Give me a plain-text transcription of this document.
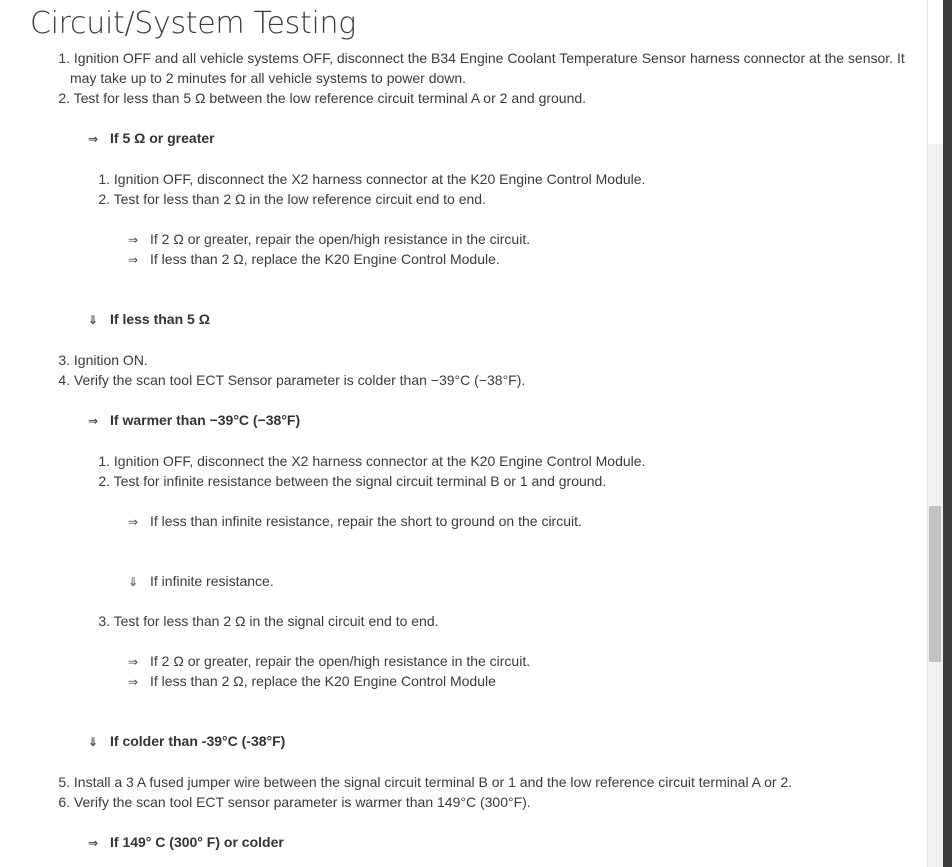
Circuit/System Testing
1. Ignition OFF and all vehicle systems OFF, disconnect the B34 Engine Coolant Temperature Sensor harness connector at the sensor. It
may take up to 2 minutes for all vehicle systems to power down.
2. Test for less than 5 Ω between the low reference circuit terminal A or 2 and ground.
⇒ If 5 Ω or greater
1. Ignition OFF, disconnect the X2 harness connector at the K20 Engine Control Module.
2. Test for less than 2 Ω in the low reference circuit end to end.
⇒ If 2 Ω or greater, repair the open/high resistance in the circuit.
⇒ If less than 2 Ω, replace the K20 Engine Control Module.
⇓ If less than 5 Ω
3. Ignition ON.
4. Verify the scan tool ECT Sensor parameter is colder than −39°C (−38°F).
⇒ If warmer than −39°C (−38°F)
1. Ignition OFF, disconnect the X2 harness connector at the K20 Engine Control Module.
2. Test for infinite resistance between the signal circuit terminal B or 1 and ground.
⇒ If less than infinite resistance, repair the short to ground on the circuit.
⇓ If infinite resistance.
3. Test for less than 2 Ω in the signal circuit end to end.
⇒ If 2 Ω or greater, repair the open/high resistance in the circuit.
⇒ If less than 2 Ω, replace the K20 Engine Control Module
⇓ If colder than -39°C (-38°F)
5. Install a 3 A fused jumper wire between the signal circuit terminal B or 1 and the low reference circuit terminal A or 2.
6. Verify the scan tool ECT sensor parameter is warmer than 149°C (300°F).
⇒ If 149° C (300° F) or colder
